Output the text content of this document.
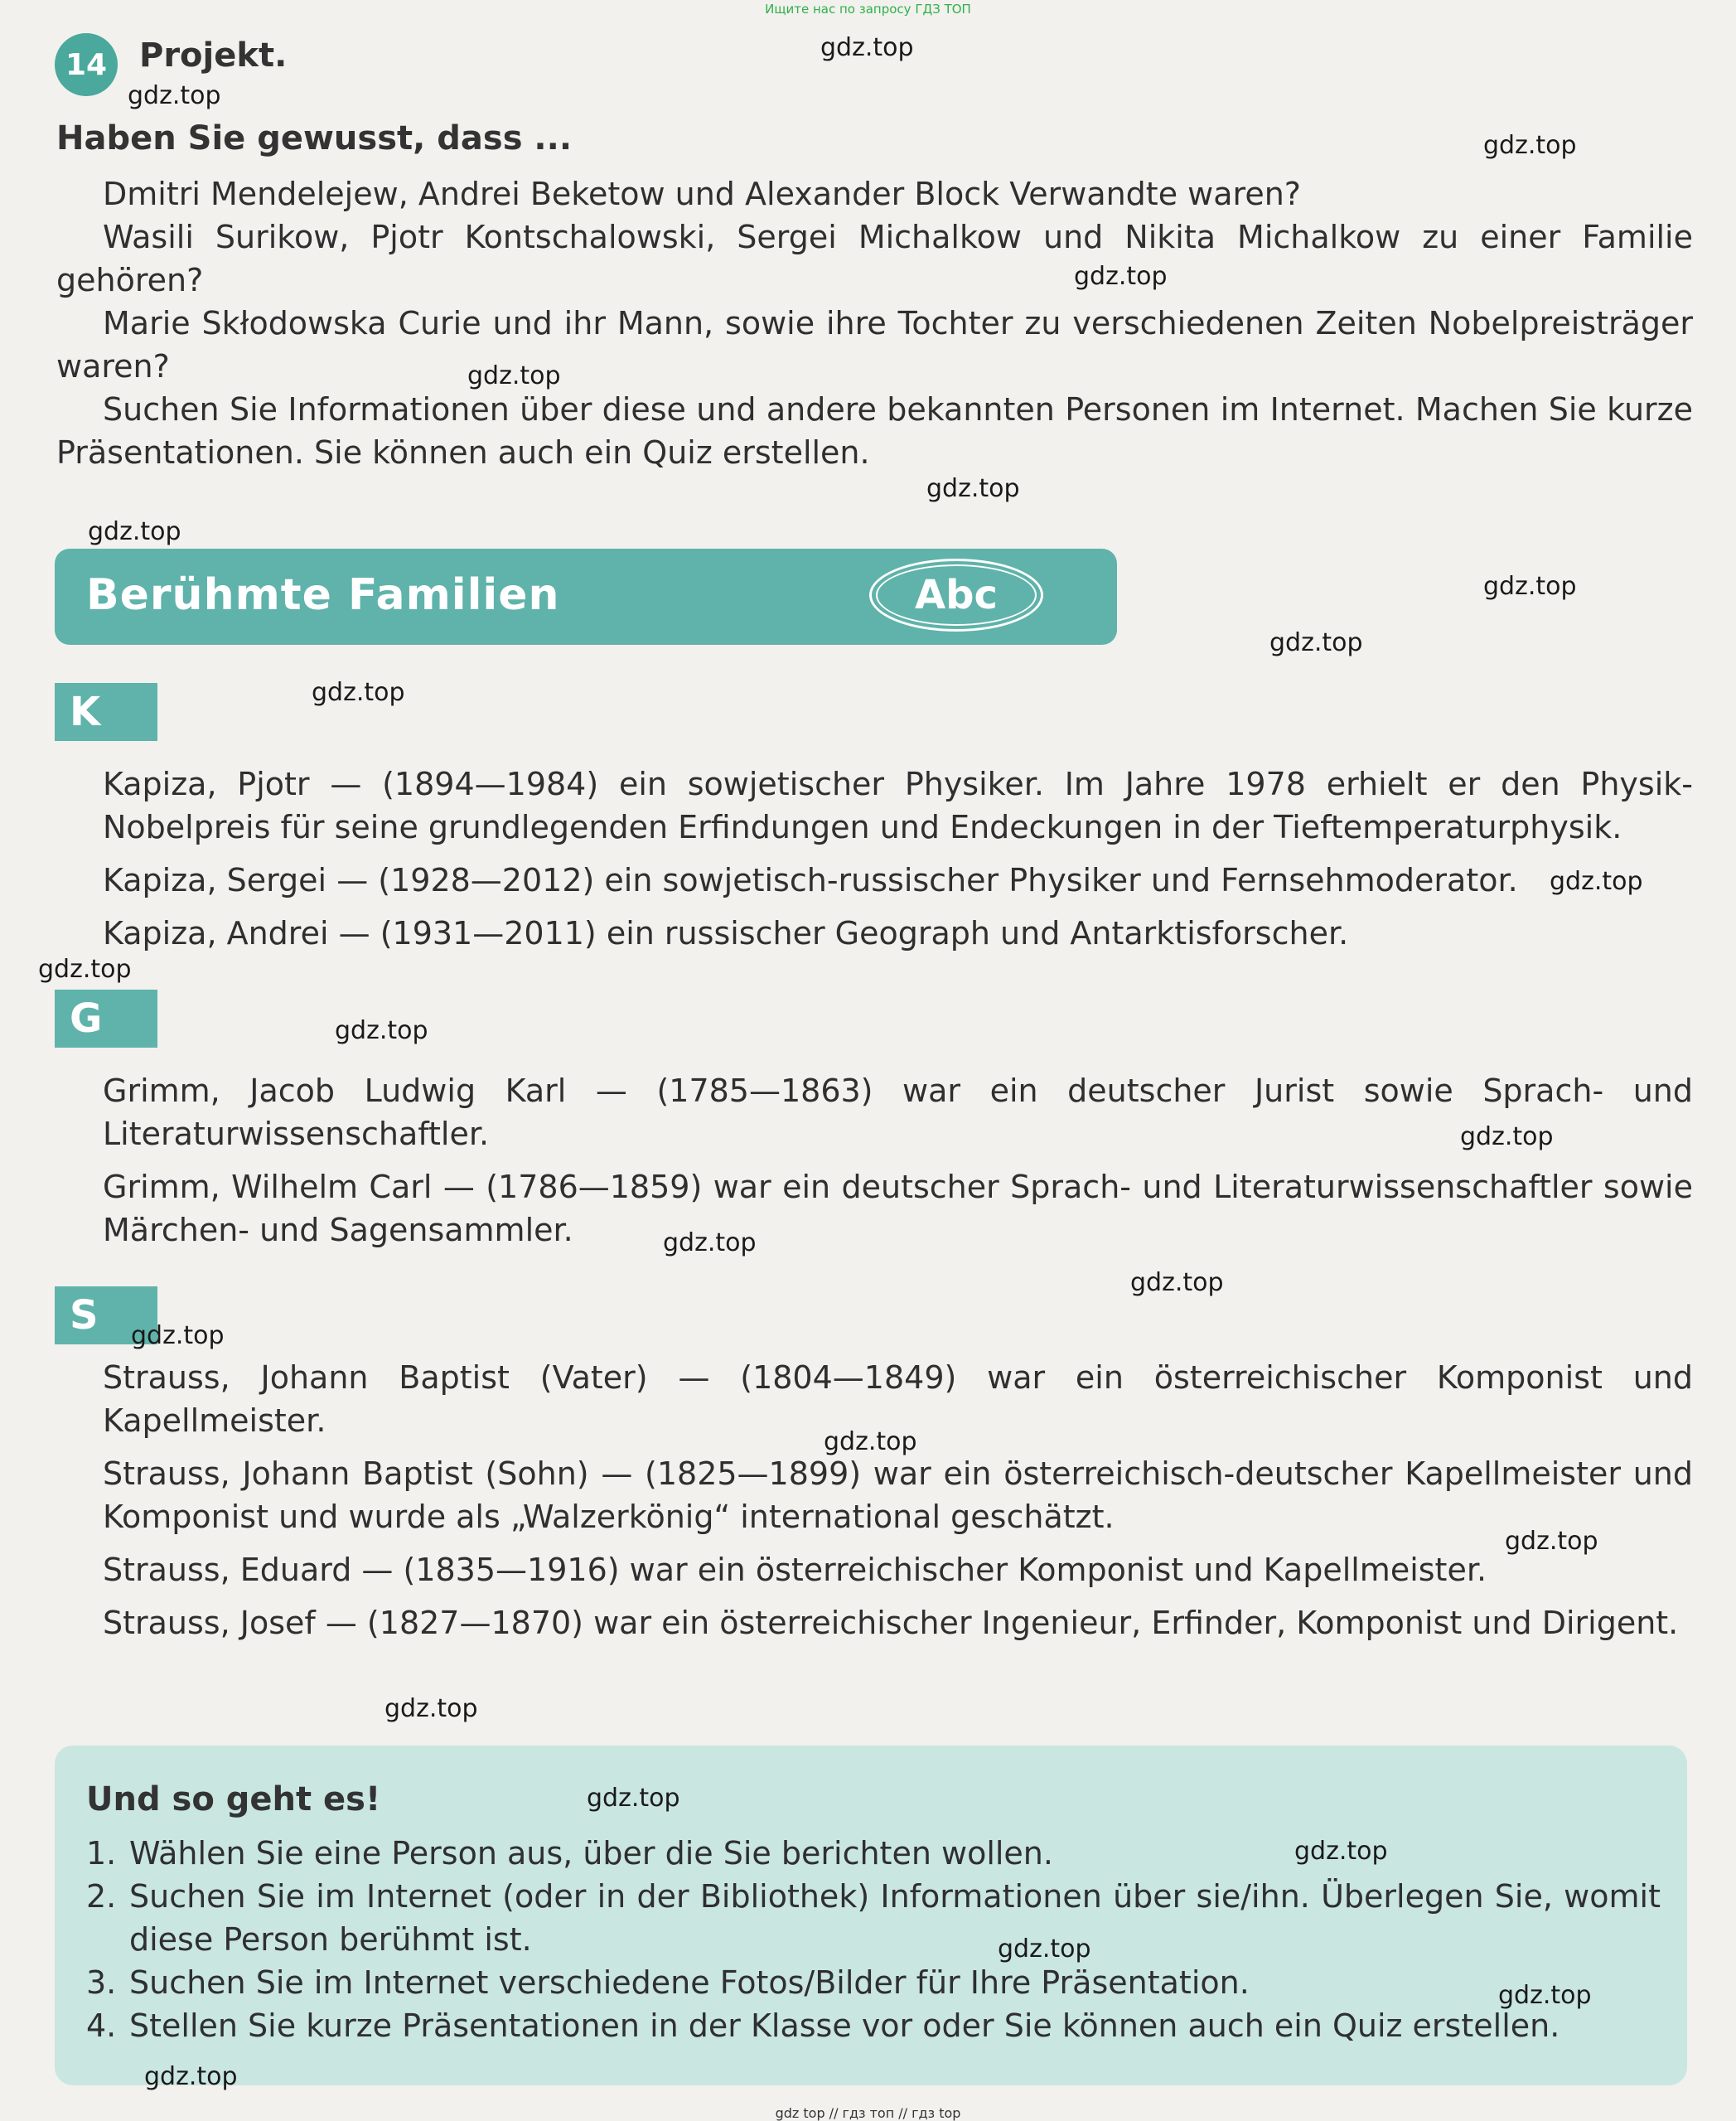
Ищите нас по запросу ГДЗ ТОП
14 Projekt.
Haben Sie gewusst, dass ...
Dmitri Mendelejew, Andrei Beketow und Alexander Block Verwandte waren?
Wasili Surikow, Pjotr Kontschalowski, Sergei Michalkow und Nikita Michalkow zu einer Familie gehören?
Marie Skłodowska Curie und ihr Mann, sowie ihre Tochter zu verschiedenen Zeiten Nobelpreisträger waren?
Suchen Sie Informationen über diese und andere bekannten Personen im Internet. Machen Sie kurze Präsentationen. Sie können auch ein Quiz erstellen.
Berühmte Familien	Abc
K
Kapiza, Pjotr — (1894—1984) ein sowjetischer Physiker. Im Jahre 1978 erhielt er den Physik-Nobelpreis für seine grundlegenden Erfindungen und Endeckungen in der Tieftemperaturphysik.
Kapiza, Sergei — (1928—2012) ein sowjetisch-russischer Physiker und Fernsehmoderator.
Kapiza, Andrei — (1931—2011) ein russischer Geograph und Antarktisforscher.
G
Grimm, Jacob Ludwig Karl — (1785—1863) war ein deutscher Jurist sowie Sprach- und Literaturwissenschaftler.
Grimm, Wilhelm Carl — (1786—1859) war ein deutscher Sprach- und Literaturwissenschaftler sowie Märchen- und Sagensammler.
S
Strauss, Johann Baptist (Vater) — (1804—1849) war ein österreichischer Komponist und Kapellmeister.
Strauss, Johann Baptist (Sohn) — (1825—1899) war ein österreichisch-deutscher Kapellmeister und Komponist und wurde als „Walzerkönig“ international geschätzt.
Strauss, Eduard — (1835—1916) war ein österreichischer Komponist und Kapellmeister.
Strauss, Josef — (1827—1870) war ein österreichischer Ingenieur, Erfinder, Komponist und Dirigent.
Und so geht es!
1. Wählen Sie eine Person aus, über die Sie berichten wollen.
2. Suchen Sie im Internet (oder in der Bibliothek) Informationen über sie/ihn. Überlegen Sie, womit diese Person berühmt ist.
3. Suchen Sie im Internet verschiedene Fotos/Bilder für Ihre Präsentation.
4. Stellen Sie kurze Präsentationen in der Klasse vor oder Sie können auch ein Quiz erstellen.
gdz.top
gdz.top
gdz.top
gdz.top
gdz.top
gdz.top
gdz.top
gdz.top
gdz.top
gdz.top
gdz.top
gdz.top
gdz.top
gdz.top
gdz.top
gdz.top
gdz.top
gdz.top
gdz.top
gdz.top
gdz.top
gdz.top
gdz.top
gdz.top
gdz.top
gdz top // гдз топ // гдз top
